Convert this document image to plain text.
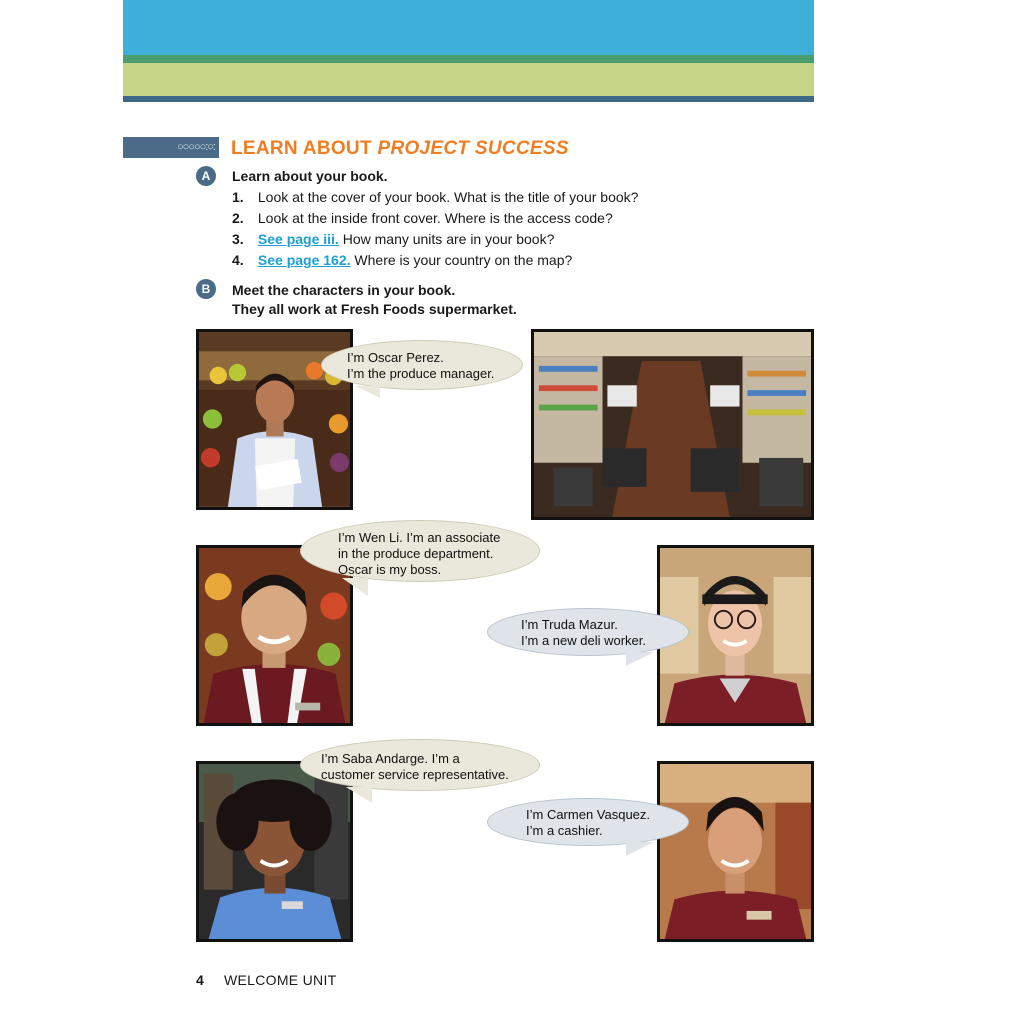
○○○○○:○: LEARN ABOUT PROJECT SUCCESS
A	Learn about your book.

1. Look at the cover of your book. What is the title of your book?
2. Look at the inside front cover. Where is the access code?
3. See page iii. How many units are in your book?
4. See page 162. Where is your country on the map?
B	Meet the characters in your book.

They all work at Fresh Foods supermarket.

I’m Oscar Perez.
I’m the produce manager.
I’m Wen Li. I’m an associate
in the produce department.
Oscar is my boss.
I’m Truda Mazur.
I’m a new deli worker.
I’m Saba Andarge. I’m a
customer service representative.
I’m Carmen Vasquez.
I’m a cashier.
4 WELCOME UNIT
